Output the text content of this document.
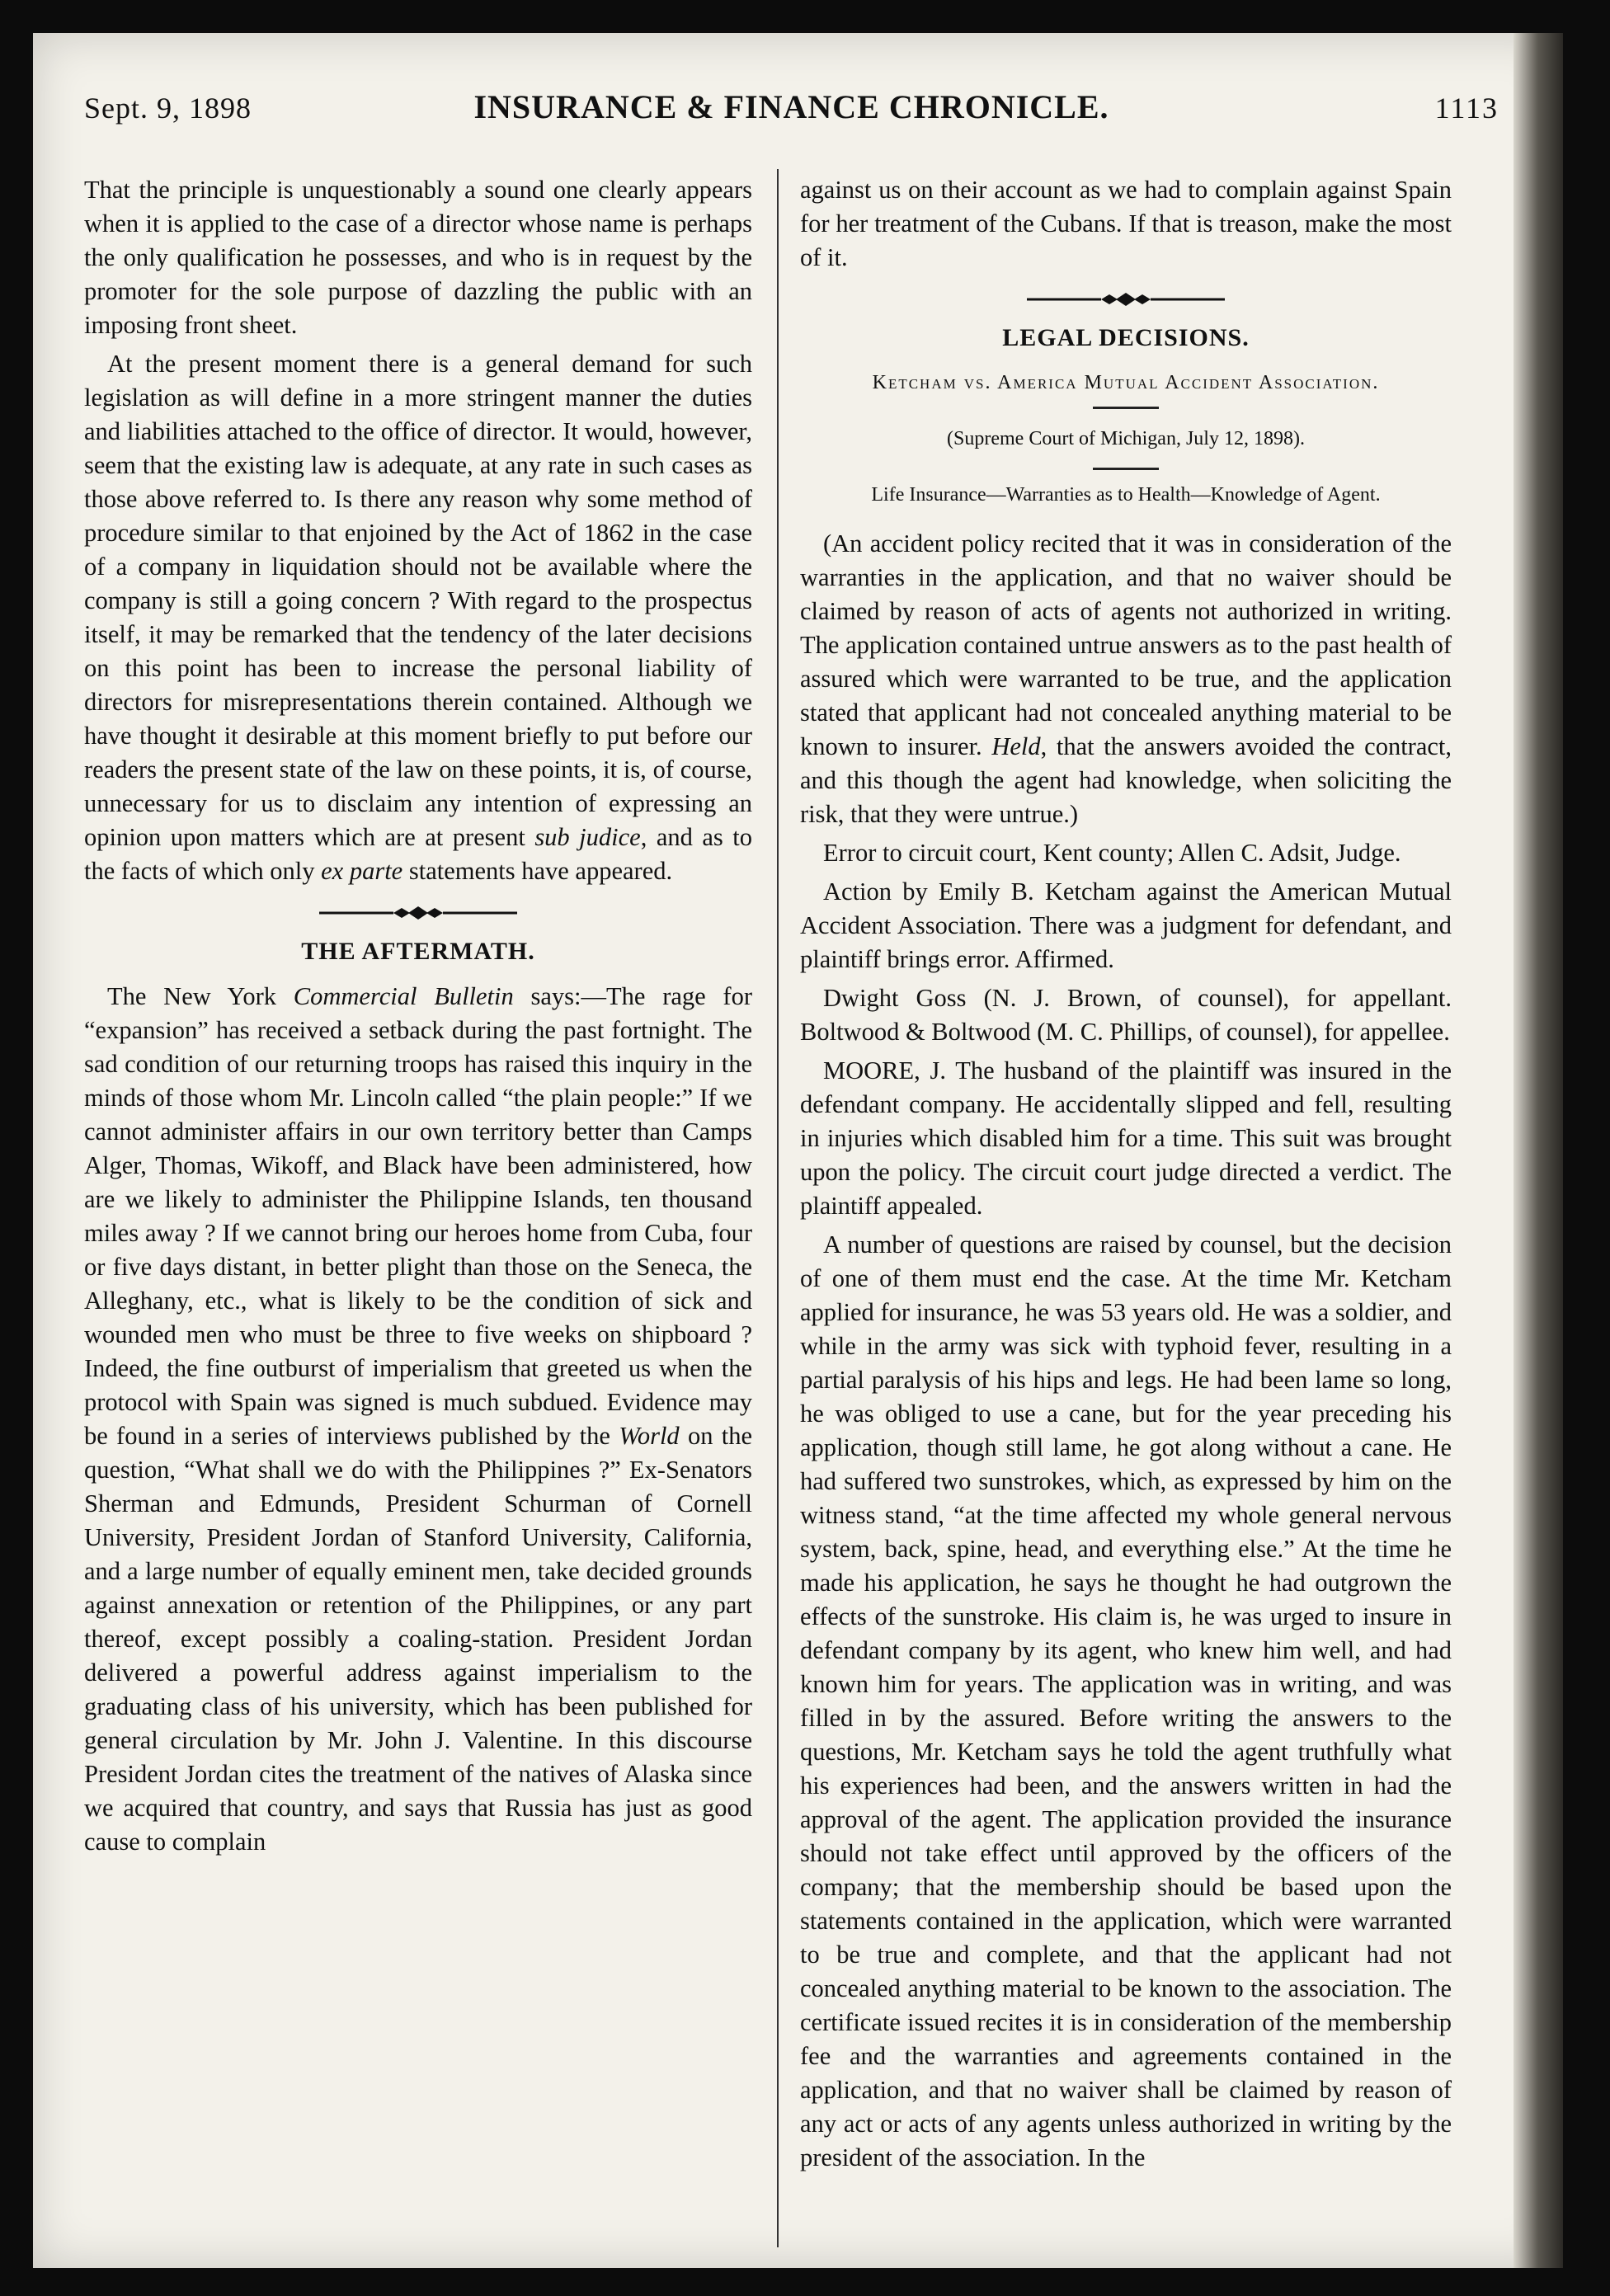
Sept. 9, 1898	INSURANCE & FINANCE CHRONICLE.	1113

That the principle is unquestionably a sound one clearly appears when it is applied to the case of a director whose name is perhaps the only qualification he possesses, and who is in request by the promoter for the sole purpose of dazzling the public with an imposing front sheet.

At the present moment there is a general demand for such legislation as will define in a more stringent manner the duties and liabilities attached to the office of director. It would, however, seem that the existing law is adequate, at any rate in such cases as those above referred to. Is there any reason why some method of procedure similar to that enjoined by the Act of 1862 in the case of a company in liquidation should not be available where the company is still a going concern ? With regard to the prospectus itself, it may be remarked that the tendency of the later decisions on this point has been to increase the personal liability of directors for misrepresentations therein contained. Although we have thought it desirable at this moment briefly to put before our readers the present state of the law on these points, it is, of course, unnecessary for us to disclaim any intention of expressing an opinion upon matters which are at present sub judice, and as to the facts of which only ex parte statements have appeared.

THE AFTERMATH.

The New York Commercial Bulletin says:—The rage for “expansion” has received a setback during the past fortnight. The sad condition of our returning troops has raised this inquiry in the minds of those whom Mr. Lincoln called “the plain people:” If we cannot administer affairs in our own territory better than Camps Alger, Thomas, Wikoff, and Black have been administered, how are we likely to administer the Philippine Islands, ten thousand miles away ? If we cannot bring our heroes home from Cuba, four or five days distant, in better plight than those on the Seneca, the Alleghany, etc., what is likely to be the condition of sick and wounded men who must be three to five weeks on shipboard ? Indeed, the fine outburst of imperialism that greeted us when the protocol with Spain was signed is much subdued. Evidence may be found in a series of interviews published by the World on the question, “What shall we do with the Philippines ?” Ex-Senators Sherman and Edmunds, President Schurman of Cornell University, President Jordan of Stanford University, California, and a large number of equally eminent men, take decided grounds against annexation or retention of the Philippines, or any part thereof, except possibly a coaling-station. President Jordan delivered a powerful address against imperialism to the graduating class of his university, which has been published for general circulation by Mr. John J. Valentine. In this discourse President Jordan cites the treatment of the natives of Alaska since we acquired that country, and says that Russia has just as good cause to complain

against us on their account as we had to complain against Spain for her treatment of the Cubans. If that is treason, make the most of it.

LEGAL DECISIONS.
Ketcham vs. America Mutual Accident Association.
(Supreme Court of Michigan, July 12, 1898).
Life Insurance—Warranties as to Health—Knowledge of Agent.

(An accident policy recited that it was in consideration of the warranties in the application, and that no waiver should be claimed by reason of acts of agents not authorized in writing. The application contained untrue answers as to the past health of assured which were warranted to be true, and the application stated that applicant had not concealed anything material to be known to insurer. Held, that the answers avoided the contract, and this though the agent had knowledge, when soliciting the risk, that they were untrue.)

Error to circuit court, Kent county; Allen C. Adsit, Judge.

Action by Emily B. Ketcham against the American Mutual Accident Association. There was a judgment for defendant, and plaintiff brings error. Affirmed.

Dwight Goss (N. J. Brown, of counsel), for appellant. Boltwood & Boltwood (M. C. Phillips, of counsel), for appellee.

MOORE, J. The husband of the plaintiff was insured in the defendant company. He accidentally slipped and fell, resulting in injuries which disabled him for a time. This suit was brought upon the policy. The circuit court judge directed a verdict. The plaintiff appealed.

A number of questions are raised by counsel, but the decision of one of them must end the case. At the time Mr. Ketcham applied for insurance, he was 53 years old. He was a soldier, and while in the army was sick with typhoid fever, resulting in a partial paralysis of his hips and legs. He had been lame so long, he was obliged to use a cane, but for the year preceding his application, though still lame, he got along without a cane. He had suffered two sunstrokes, which, as expressed by him on the witness stand, “at the time affected my whole general nervous system, back, spine, head, and everything else.” At the time he made his application, he says he thought he had outgrown the effects of the sunstroke. His claim is, he was urged to insure in defendant company by its agent, who knew him well, and had known him for years. The application was in writing, and was filled in by the assured. Before writing the answers to the questions, Mr. Ketcham says he told the agent truthfully what his experiences had been, and the answers written in had the approval of the agent. The application provided the insurance should not take effect until approved by the officers of the company; that the membership should be based upon the statements contained in the application, which were warranted to be true and complete, and that the applicant had not concealed anything material to be known to the association. The certificate issued recites it is in consideration of the membership fee and the warranties and agreements contained in the application, and that no waiver shall be claimed by reason of any act or acts of any agents unless authorized in writing by the president of the association. In the
